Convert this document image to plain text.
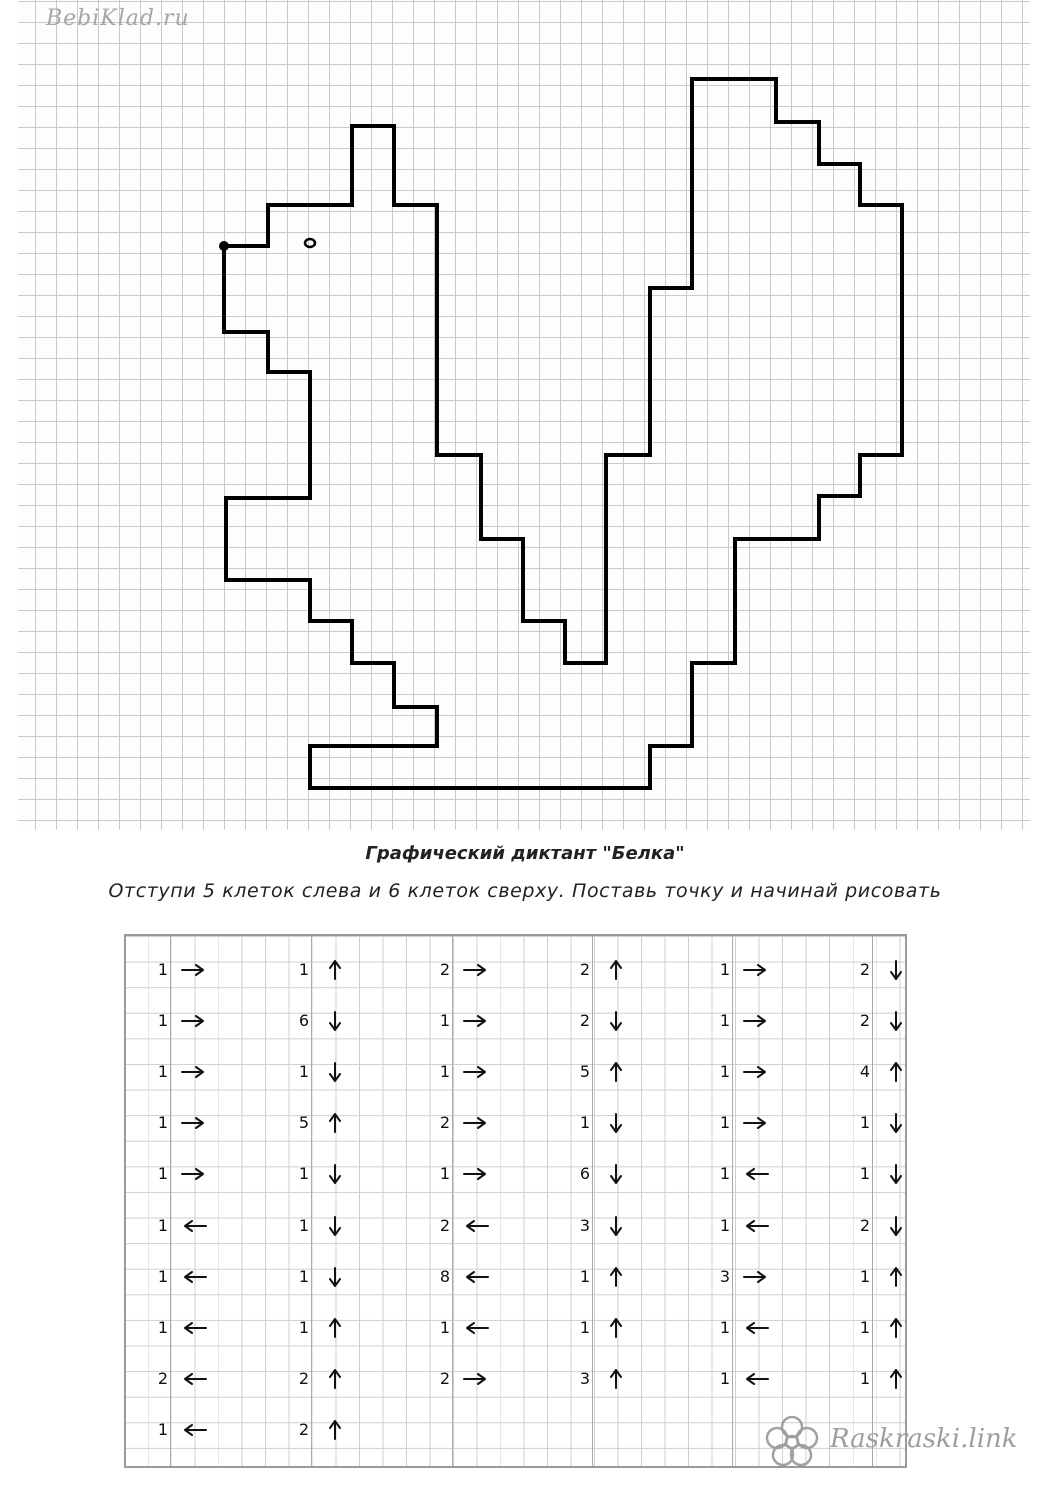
BebiKlad.ru
Графический диктант "Белка"
Отступи 5 клеток слева и 6 клеток сверху. Поставь точку и начинай рисовать
1
1
1
1
1
1
1
1
2
1
1
6
1
5
1
1
1
1
2
2
2
1
1
2
1
2
8
1
2
2
2
5
1
6
3
1
1
3
1
1
1
1
1
1
3
1
1
2
2
4
1
1
2
1
1
1
Raskraski.link
